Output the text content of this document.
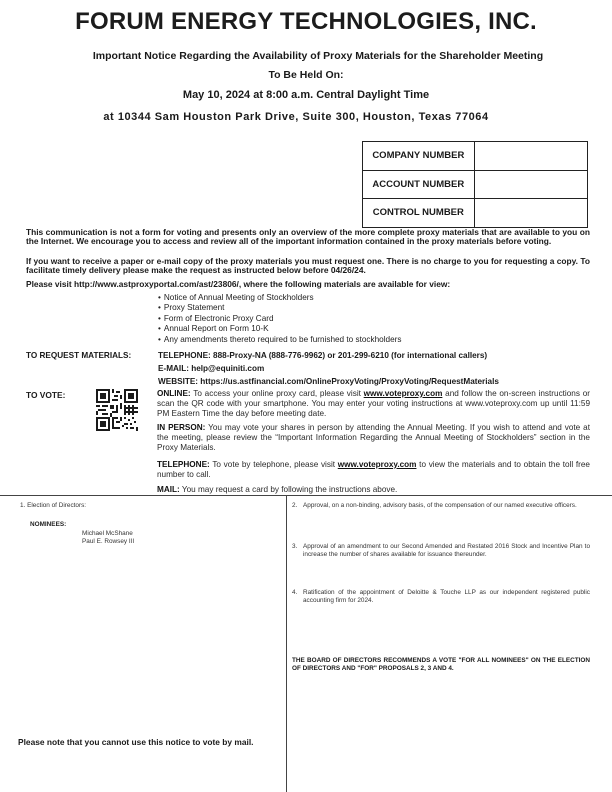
FORUM ENERGY TECHNOLOGIES, INC.
Important Notice Regarding the Availability of Proxy Materials for the Shareholder Meeting
To Be Held On:
May 10, 2024 at 8:00 a.m. Central Daylight Time
at 10344 Sam Houston Park Drive, Suite 300, Houston, Texas 77064
COMPANY NUMBER	
ACCOUNT NUMBER	
CONTROL NUMBER	
This communication is not a form for voting and presents only an overview of the more complete proxy materials that are available to you on the Internet. We encourage you to access and review all of the important information contained in the proxy materials before voting.
If you want to receive a paper or e-mail copy of the proxy materials you must request one. There is no charge to you for requesting a copy. To facilitate timely delivery please make the request as instructed below before 04/26/24.
Please visit http://www.astproxyportal.com/ast/23806/, where the following materials are available for view:
• Notice of Annual Meeting of Stockholders
• Proxy Statement
• Form of Electronic Proxy Card
• Annual Report on Form 10-K
• Any amendments thereto required to be furnished to stockholders
TO REQUEST MATERIALS:	TELEPHONE: 888-Proxy-NA (888-776-9962) or 201-299-6210 (for international callers)
E-MAIL: help@equiniti.com
WEBSITE: https://us.astfinancial.com/OnlineProxyVoting/ProxyVoting/RequestMaterials
TO VOTE:	ONLINE: To access your online proxy card, please visit www.voteproxy.com and follow the on-screen instructions or scan the QR code with your smartphone. You may enter your voting instructions at www.voteproxy.com up until 11:59 PM Eastern Time the day before meeting date.
IN PERSON: You may vote your shares in person by attending the Annual Meeting. If you wish to attend and vote at the meeting, please review the “Important Information Regarding the Annual Meeting of Stockholders” section in the Proxy Materials.
TELEPHONE: To vote by telephone, please visit www.voteproxy.com to view the materials and to obtain the toll free number to call.
MAIL: You may request a card by following the instructions above.
1. Election of Directors:
NOMINEES:
Michael McShane
Paul E. Rowsey III
2. Approval, on a non-binding, advisory basis, of the compensation of our named executive officers.
3. Approval of an amendment to our Second Amended and Restated 2016 Stock and Incentive Plan to increase the number of shares available for issuance thereunder.
4. Ratification of the appointment of Deloitte & Touche LLP as our independent registered public accounting firm for 2024.
THE BOARD OF DIRECTORS RECOMMENDS A VOTE "FOR ALL NOMINEES" ON THE ELECTION OF DIRECTORS AND "FOR" PROPOSALS 2, 3 AND 4.
Please note that you cannot use this notice to vote by mail.
